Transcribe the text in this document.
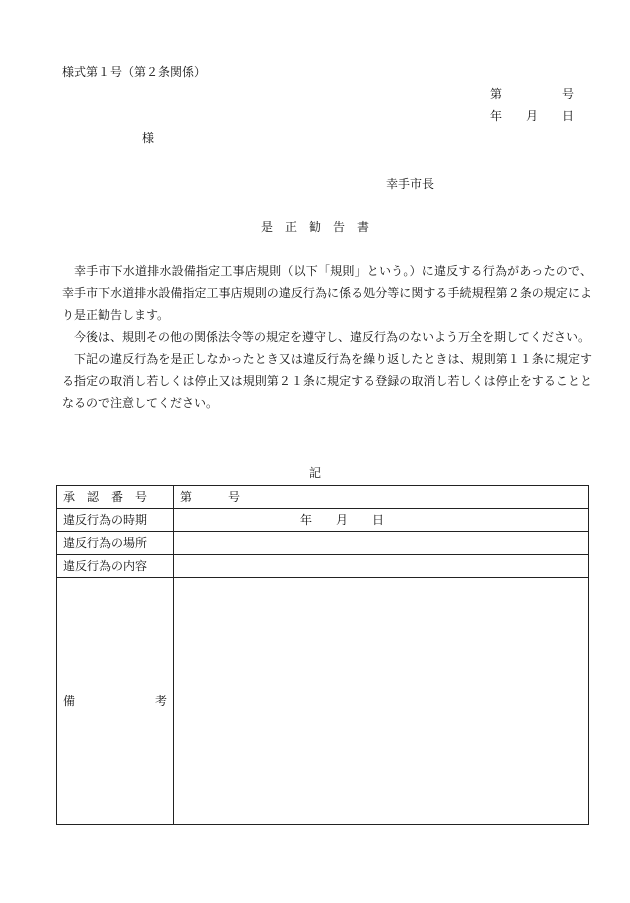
様式第１号（第２条関係）
第　　　　　号
年　　月　　日
様
幸手市長
是　正　勧　告　書

幸手市下水道排水設備指定工事店規則（以下「規則」という。）に違反する行為があったので、幸手市下水道排水設備指定工事店規則の違反行為に係る処分等に関する手続規程第２条の規定により是正勧告します。

今後は、規則その他の関係法令等の規定を遵守し、違反行為のないよう万全を期してください。

下記の違反行為を是正しなかったとき又は違反行為を繰り返したときは、規則第１１条に規定する指定の取消し若しくは停止又は規則第２１条に規定する登録の取消し若しくは停止をすることとなるので注意してください。

記
承　認　番　号	第　　　号
違反行為の時期	　　　　　　　　　　年　　月　　日
違反行為の場所	
違反行為の内容	

備 考	
